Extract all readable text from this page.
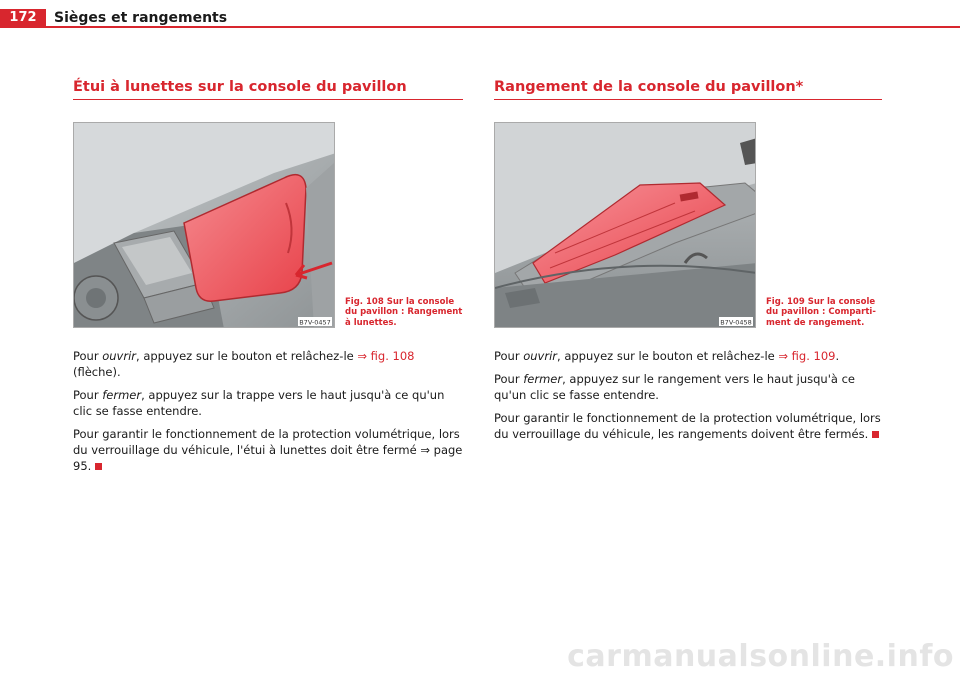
172	Sièges et rangements
Étui à lunettes sur la console du pavillon
B7V-0457
Fig. 108 Sur la console du pavillon : Rangement à lunettes.

Pour ouvrir, appuyez sur le bouton et relâchez-le ⇒ fig. 108 (flèche).

Pour fermer, appuyez sur la trappe vers le haut jusqu'à ce qu'un clic se fasse entendre.

Pour garantir le fonctionnement de la protection volumétrique, lors du verrouillage du véhicule, l'étui à lunettes doit être fermé ⇒ page 95.

Rangement de la console du pavillon*
B7V-0458
Fig. 109 Sur la console du pavillon : Comparti-ment de rangement.

Pour ouvrir, appuyez sur le bouton et relâchez-le ⇒ fig. 109.

Pour fermer, appuyez sur le rangement vers le haut jusqu'à ce qu'un clic se fasse entendre.

Pour garantir le fonctionnement de la protection volumétrique, lors du verrouillage du véhicule, les rangements doivent être fermés.

carmanualsonline.info
